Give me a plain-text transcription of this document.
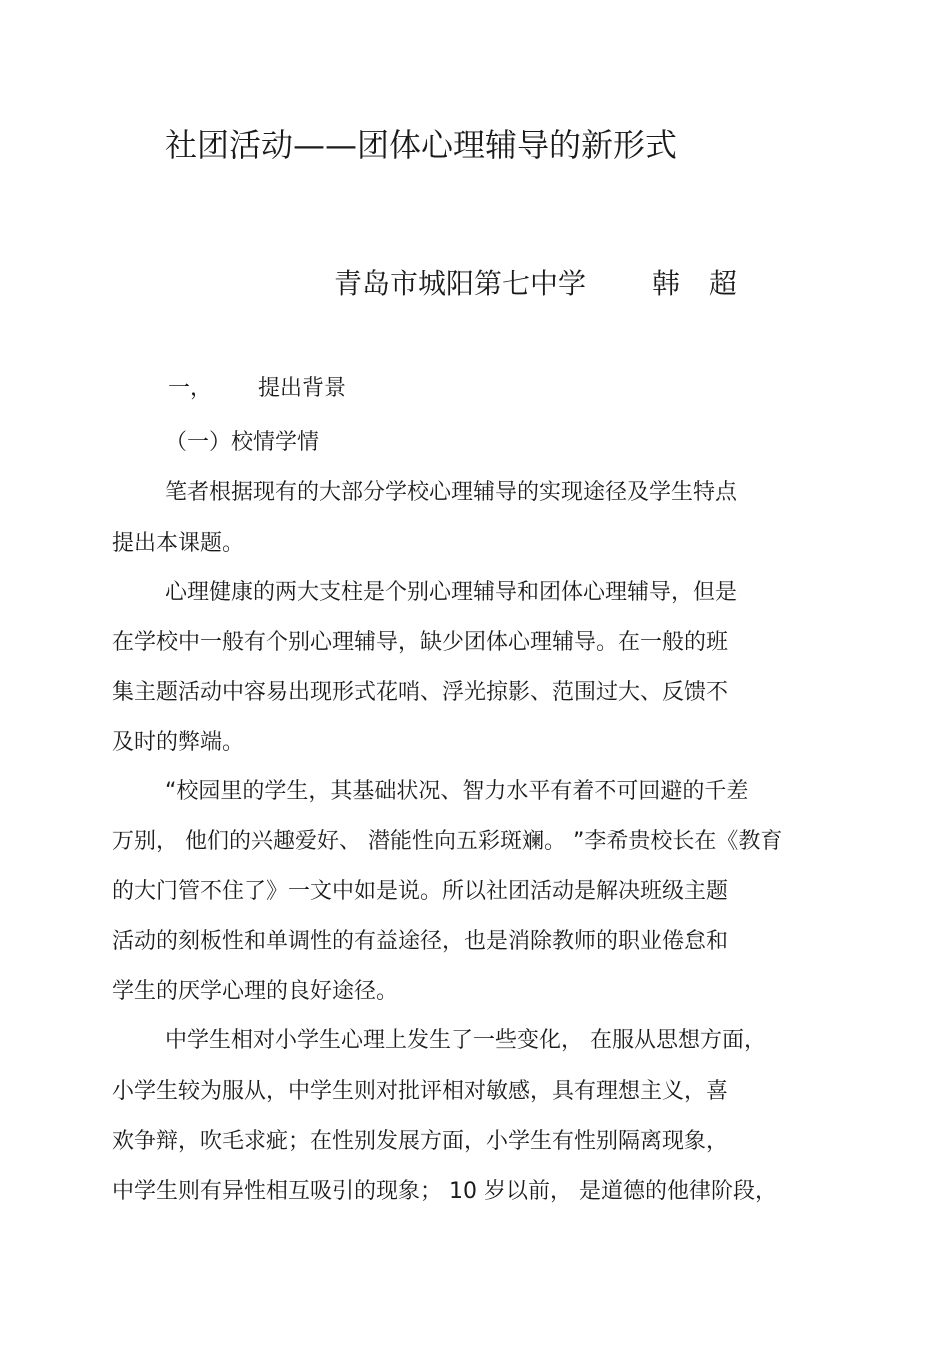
社团活动——团体心理辅导的新形式
青岛市城阳第七中学 韩 超
一， 提出背景
（一）校情学情
笔者根据现有的大部分学校心理辅导的实现途径及学生特点
提出本课题。
心理健康的两大支柱是个别心理辅导和团体心理辅导，但是
在学校中一般有个别心理辅导，缺少团体心理辅导。在一般的班
集主题活动中容易出现形式花哨、浮光掠影、范围过大、反馈不
及时的弊端。
“校园里的学生，其基础状况、智力水平有着不可回避的千差
万别， 他们的兴趣爱好、 潜能性向五彩斑斓。 ”李希贵校长在《教育
的大门管不住了》一文中如是说。所以社团活动是解决班级主题
活动的刻板性和单调性的有益途径，也是消除教师的职业倦怠和
学生的厌学心理的良好途径。
中学生相对小学生心理上发生了一些变化， 在服从思想方面，
小学生较为服从，中学生则对批评相对敏感，具有理想主义，喜
欢争辩，吹毛求疵；在性别发展方面，小学生有性别隔离现象，
中学生则有异性相互吸引的现象； 10 岁以前， 是道德的他律阶段，
